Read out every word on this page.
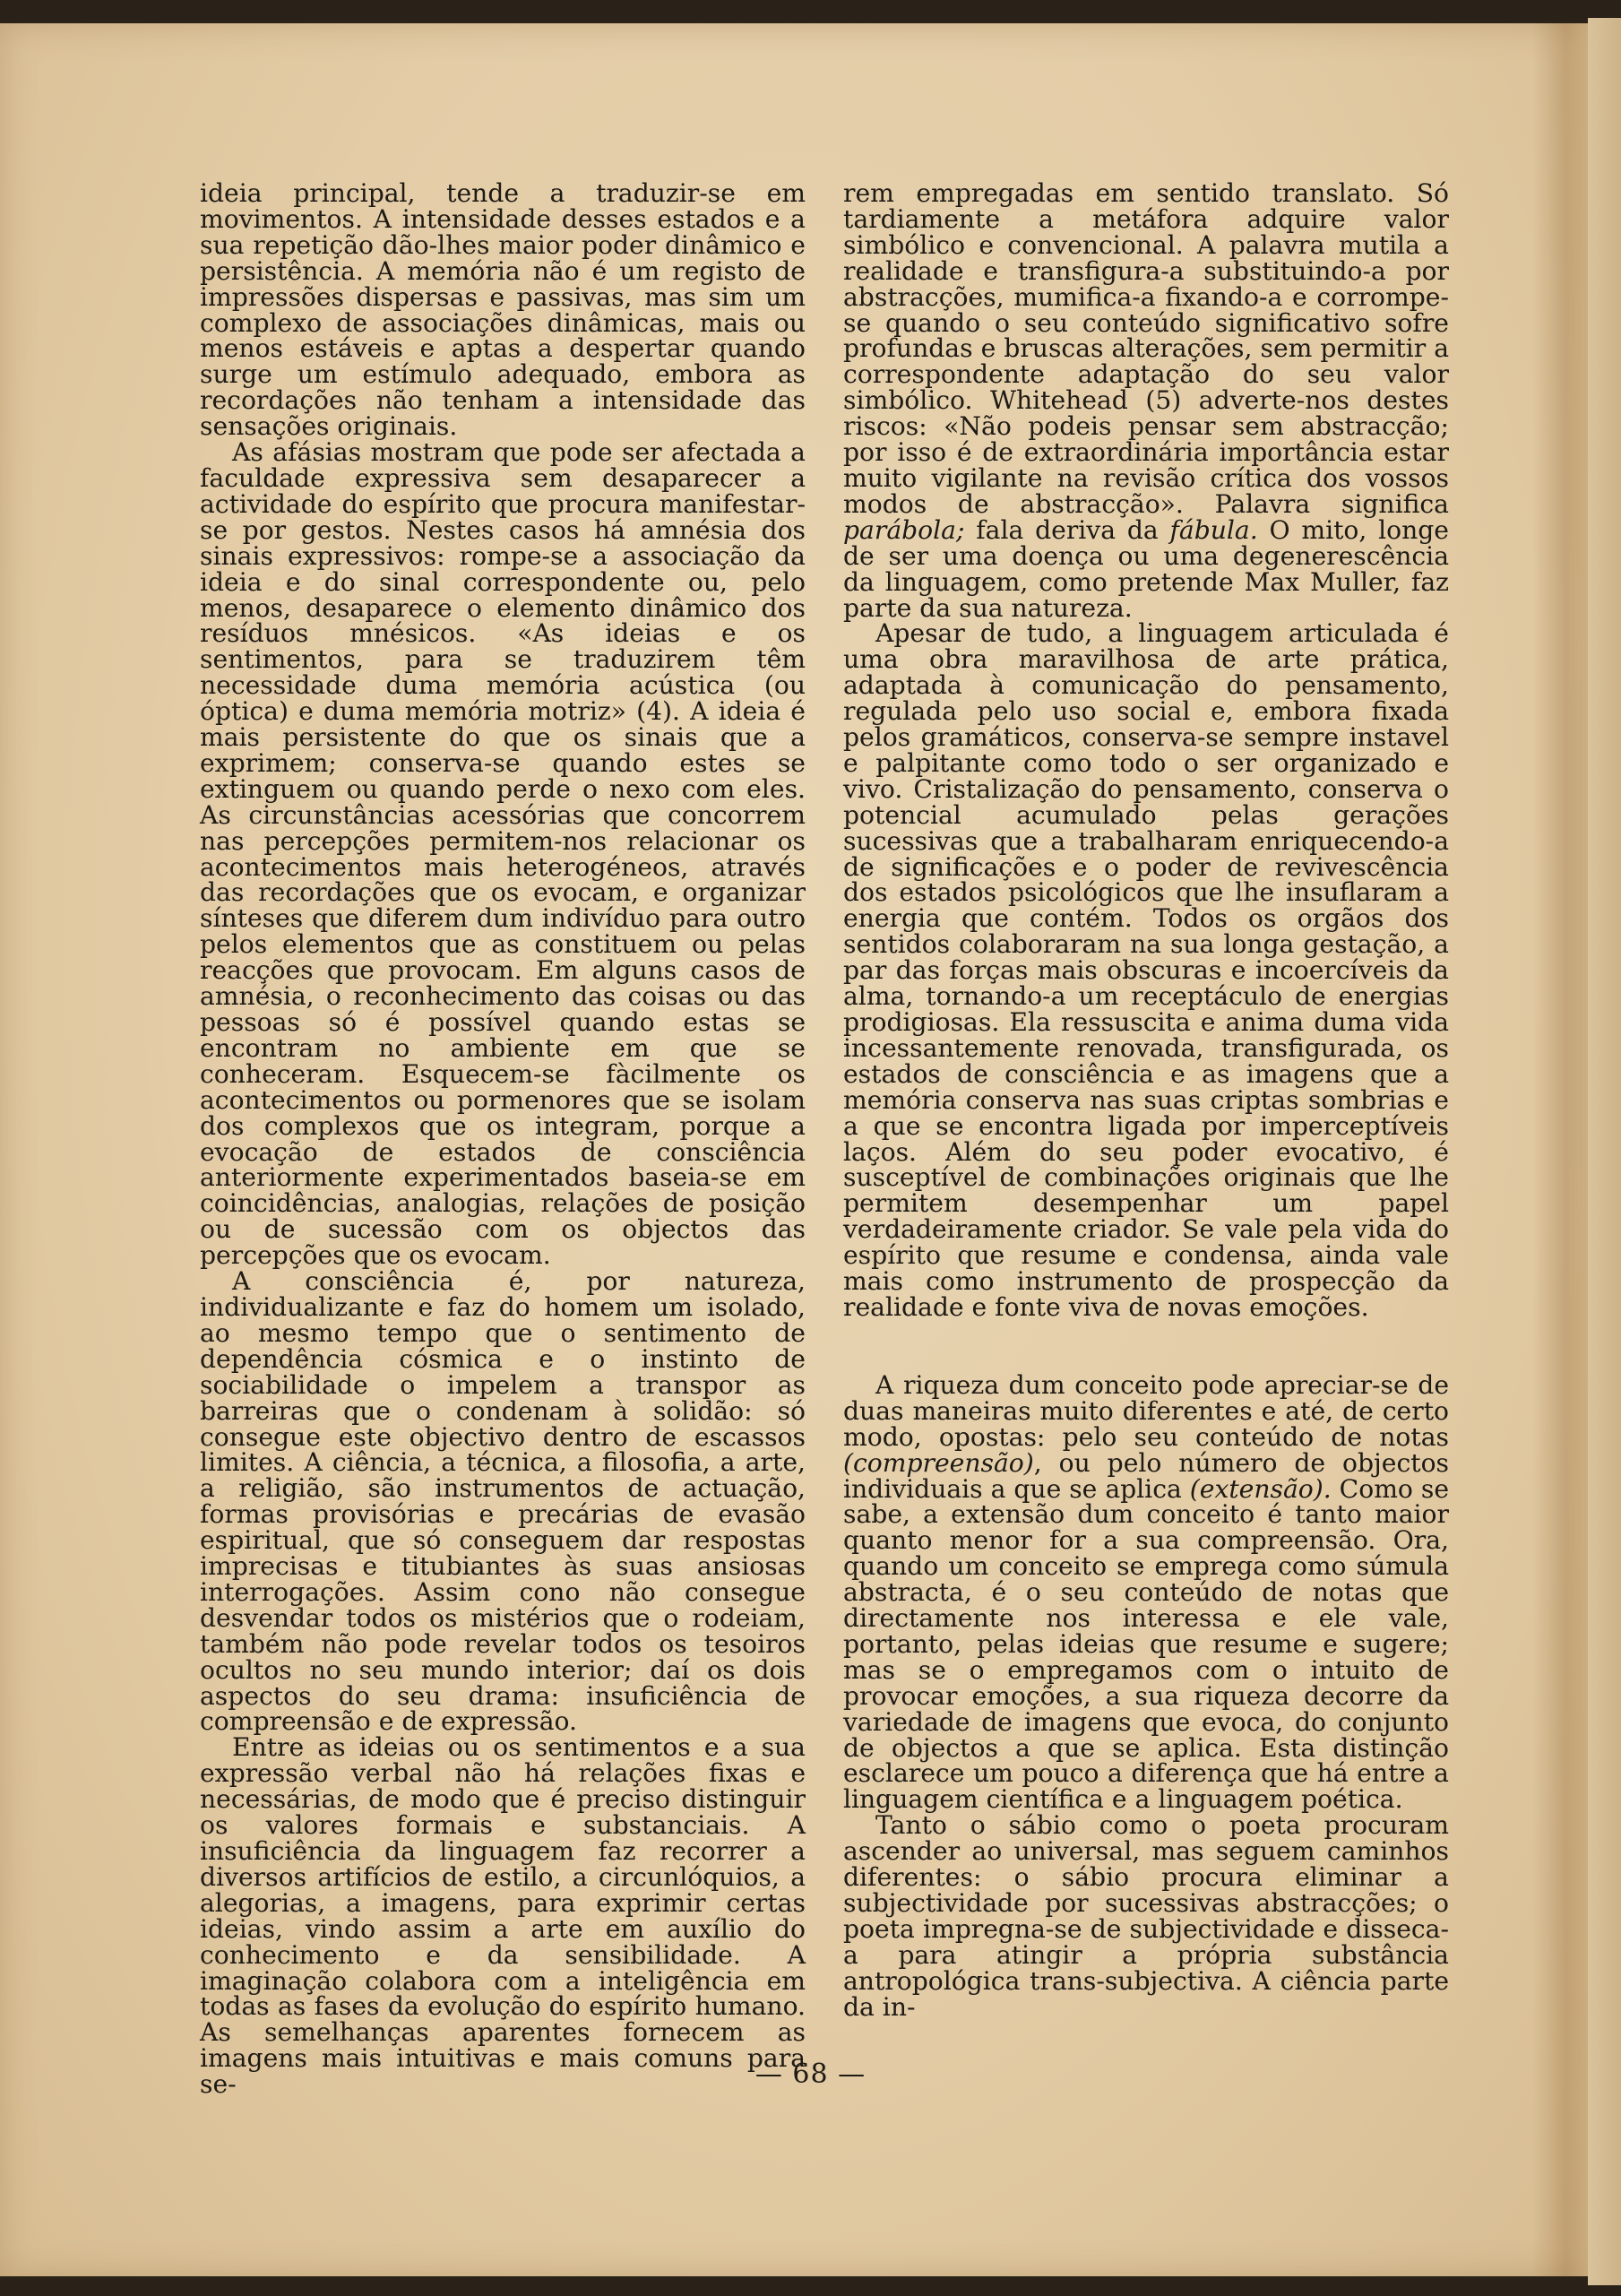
ideia principal, tende a traduzir-se em movimentos. A intensidade desses estados e a sua repetição dão-lhes maior poder dinâmico e persistência. A memória não é um registo de impressões dispersas e passivas, mas sim um complexo de associações dinâmicas, mais ou menos estáveis e aptas a despertar quando surge um estímulo adequado, embora as recordações não tenham a intensidade das sensações originais.

As afásias mostram que pode ser afectada a faculdade expressiva sem desaparecer a actividade do espírito que procura manifestar-se por gestos. Nestes casos há amnésia dos sinais expressivos: rompe-se a associação da ideia e do sinal correspondente ou, pelo menos, desaparece o elemento dinâmico dos resíduos mnésicos. «As ideias e os sentimentos, para se traduzirem têm necessidade duma memória acústica (ou óptica) e duma memória motriz» (4). A ideia é mais persistente do que os sinais que a exprimem; conserva-se quando estes se extinguem ou quando perde o nexo com eles. As circunstâncias acessórias que concorrem nas percepções permitem-nos relacionar os acontecimentos mais heterogéneos, através das recordações que os evocam, e organizar sínteses que diferem dum indivíduo para outro pelos elementos que as constituem ou pelas reacções que provocam. Em alguns casos de amnésia, o reconhecimento das coisas ou das pessoas só é possível quando estas se encontram no ambiente em que se conheceram. Esquecem-se fàcilmente os acontecimentos ou pormenores que se isolam dos complexos que os integram, porque a evocação de estados de consciência anteriormente experimentados baseia-se em coincidências, analogias, relações de posição ou de sucessão com os objectos das percepções que os evocam.

A consciência é, por natureza, individualizante e faz do homem um isolado, ao mesmo tempo que o sentimento de dependência cósmica e o instinto de sociabilidade o impelem a transpor as barreiras que o condenam à solidão: só consegue este objectivo dentro de escassos limites. A ciência, a técnica, a filosofia, a arte, a religião, são instrumentos de actuação, formas provisórias e precárias de evasão espiritual, que só conseguem dar respostas imprecisas e titubiantes às suas ansiosas interrogações. Assim cono não consegue desvendar todos os mistérios que o rodeiam, também não pode revelar todos os tesoiros ocultos no seu mundo interior; daí os dois aspectos do seu drama: insuficiência de compreensão e de expressão.

Entre as ideias ou os sentimentos e a sua expressão verbal não há relações fixas e necessárias, de modo que é preciso distinguir os valores formais e substanciais. A insuficiência da linguagem faz recorrer a diversos artifícios de estilo, a circunlóquios, a alegorias, a imagens, para exprimir certas ideias, vindo assim a arte em auxílio do conhecimento e da sensibilidade. A imaginação colabora com a inteligência em todas as fases da evolução do espírito humano. As semelhanças aparentes fornecem as imagens mais intuitivas e mais comuns para se-

rem empregadas em sentido translato. Só tardiamente a metáfora adquire valor simbólico e convencional. A palavra mutila a realidade e transfigura-a substituindo-a por abstracções, mumifica-a fixando-a e corrompe-se quando o seu conteúdo significativo sofre profundas e bruscas alterações, sem permitir a correspondente adaptação do seu valor simbólico. Whitehead (5) adverte-nos destes riscos: «Não podeis pensar sem abstracção; por isso é de extraordinária importância estar muito vigilante na revisão crítica dos vossos modos de abstracção». Palavra significa parábola; fala deriva da fábula. O mito, longe de ser uma doença ou uma degenerescência da linguagem, como pretende Max Muller, faz parte da sua natureza.

Apesar de tudo, a linguagem articulada é uma obra maravilhosa de arte prática, adaptada à comunicação do pensamento, regulada pelo uso social e, embora fixada pelos gramáticos, conserva-se sempre instavel e palpitante como todo o ser organizado e vivo. Cristalização do pensamento, conserva o potencial acumulado pelas gerações sucessivas que a trabalharam enriquecendo-a de significações e o poder de revivescência dos estados psicológicos que lhe insuflaram a energia que contém. Todos os orgãos dos sentidos colaboraram na sua longa gestação, a par das forças mais obscuras e incoercíveis da alma, tornando-a um receptáculo de energias prodigiosas. Ela ressuscita e anima duma vida incessantemente renovada, transfigurada, os estados de consciência e as imagens que a memória conserva nas suas criptas sombrias e a que se encontra ligada por imperceptíveis laços. Além do seu poder evocativo, é susceptível de combinações originais que lhe permitem desempenhar um papel verdadeiramente criador. Se vale pela vida do espírito que resume e condensa, ainda vale mais como instrumento de prospecção da realidade e fonte viva de novas emoções.

A riqueza dum conceito pode apreciar-se de duas maneiras muito diferentes e até, de certo modo, opostas: pelo seu conteúdo de notas (compreensão), ou pelo número de objectos individuais a que se aplica (extensão). Como se sabe, a extensão dum conceito é tanto maior quanto menor for a sua compreensão. Ora, quando um conceito se emprega como súmula abstracta, é o seu conteúdo de notas que directamente nos interessa e ele vale, portanto, pelas ideias que resume e sugere; mas se o empregamos com o intuito de provocar emoções, a sua riqueza decorre da variedade de imagens que evoca, do conjunto de objectos a que se aplica. Esta distinção esclarece um pouco a diferença que há entre a linguagem científica e a linguagem poética.

Tanto o sábio como o poeta procuram ascender ao universal, mas seguem caminhos diferentes: o sábio procura eliminar a subjectividade por sucessivas abstracções; o poeta impregna-se de subjectividade e disseca-a para atingir a própria substância antropológica trans-subjectiva. A ciência parte da in-

— 68 —
